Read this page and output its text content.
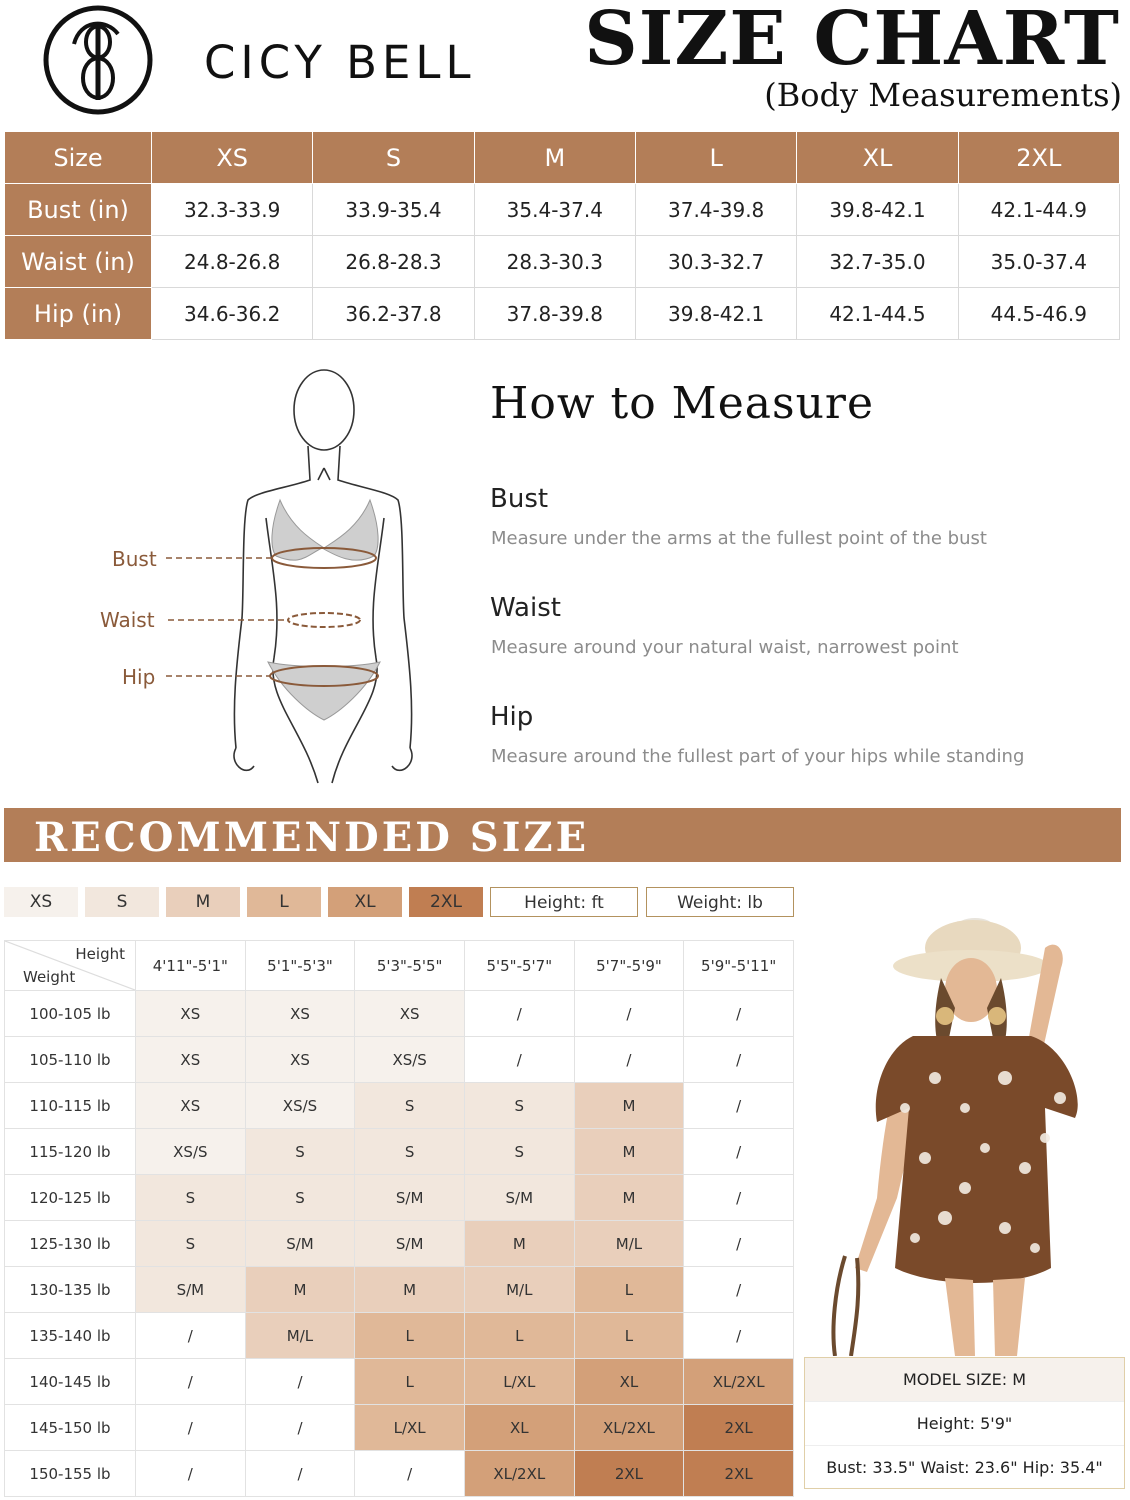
CICY BELL SIZE CHART
(Body Measurements)
Size	XS	S	M	L	XL	2XL
Bust (in)	32.3-33.9	33.9-35.4	35.4-37.4	37.4-39.8	39.8-42.1	42.1-44.9
Waist (in)	24.8-26.8	26.8-28.3	28.3-30.3	30.3-32.7	32.7-35.0	35.0-37.4
Hip (in)	34.6-36.2	36.2-37.8	37.8-39.8	39.8-42.1	42.1-44.5	44.5-46.9
Bust
Waist
Hip
How to Measure
Bust
Measure under the arms at the fullest point of the bust
Waist
Measure around your natural waist, narrowest point
Hip
Measure around the fullest part of your hips while standing
RECOMMENDED SIZE
XS	S	M	L	XL	2XL	Height: ft	Weight: lb
Height
Weight	4'11"-5'1"	5'1"-5'3"	5'3"-5'5"	5'5"-5'7"	5'7"-5'9"	5'9"-5'11"
100-105 lb	XS	XS	XS	/	/	/
105-110 lb	XS	XS	XS/S	/	/	/
110-115 lb	XS	XS/S	S	S	M	/
115-120 lb	XS/S	S	S	S	M	/
120-125 lb	S	S	S/M	S/M	M	/
125-130 lb	S	S/M	S/M	M	M/L	/
130-135 lb	S/M	M	M	M/L	L	/
135-140 lb	/	M/L	L	L	L	/
140-145 lb	/	/	L	L/XL	XL	XL/2XL
145-150 lb	/	/	L/XL	XL	XL/2XL	2XL
150-155 lb	/	/	/	XL/2XL	2XL	2XL
MODEL SIZE: M
Height: 5'9"
Bust: 33.5" Waist: 23.6" Hip: 35.4"
